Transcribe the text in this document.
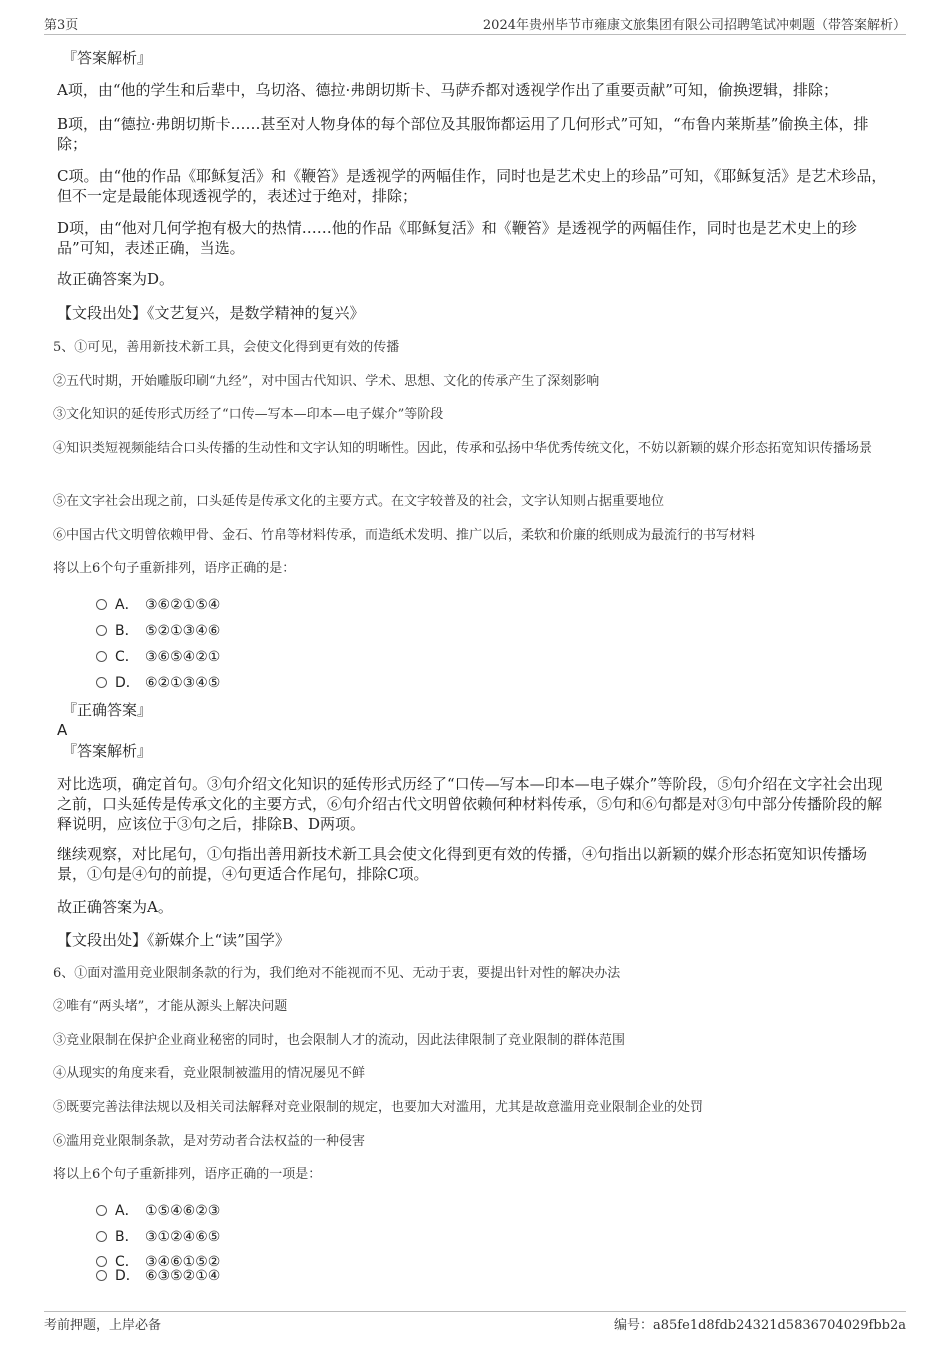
第3页	2024年贵州毕节市雍康文旅集团有限公司招聘笔试冲刺题（带答案解析）
『答案解析』
A项，由“他的学生和后辈中，乌切洛、德拉·弗朗切斯卡、马萨乔都对透视学作出了重要贡献”可知，偷换逻辑，排除；
B项，由“德拉·弗朗切斯卡……甚至对人物身体的每个部位及其服饰都运用了几何形式”可知，“布鲁内莱斯基”偷换主体，排除；
C项。由“他的作品《耶稣复活》和《鞭笞》是透视学的两幅佳作，同时也是艺术史上的珍品”可知，《耶稣复活》是艺术珍品，但不一定是最能体现透视学的，表述过于绝对，排除；
D项，由“他对几何学抱有极大的热情……他的作品《耶稣复活》和《鞭笞》是透视学的两幅佳作，同时也是艺术史上的珍品”可知，表述正确，当选。
故正确答案为D。
【文段出处】《文艺复兴，是数学精神的复兴》
5、①可见，善用新技术新工具，会使文化得到更有效的传播
②五代时期，开始雕版印刷“九经”，对中国古代知识、学术、思想、文化的传承产生了深刻影响
③文化知识的延传形式历经了“口传—写本—印本—电子媒介”等阶段
④知识类短视频能结合口头传播的生动性和文字认知的明晰性。因此，传承和弘扬中华优秀传统文化，不妨以新颖的媒介形态拓宽知识传播场景
⑤在文字社会出现之前，口头延传是传承文化的主要方式。在文字较普及的社会，文字认知则占据重要地位
⑥中国古代文明曾依赖甲骨、金石、竹帛等材料传承，而造纸术发明、推广以后，柔软和价廉的纸则成为最流行的书写材料
将以上6个句子重新排列，语序正确的是：
A． ③⑥②①⑤④
B． ⑤②①③④⑥
C． ③⑥⑤④②①
D． ⑥②①③④⑤
『正确答案』
A
『答案解析』
对比选项，确定首句。③句介绍文化知识的延传形式历经了“口传—写本—印本—电子媒介”等阶段，⑤句介绍在文字社会出现之前，口头延传是传承文化的主要方式，⑥句介绍古代文明曾依赖何种材料传承，⑤句和⑥句都是对③句中部分传播阶段的解释说明，应该位于③句之后，排除B、D两项。
继续观察，对比尾句，①句指出善用新技术新工具会使文化得到更有效的传播，④句指出以新颖的媒介形态拓宽知识传播场景，①句是④句的前提，④句更适合作尾句，排除C项。
故正确答案为A。
【文段出处】《新媒介上“读”国学》
6、①面对滥用竞业限制条款的行为，我们绝对不能视而不见、无动于衷，要提出针对性的解决办法
②唯有“两头堵”，才能从源头上解决问题
③竞业限制在保护企业商业秘密的同时，也会限制人才的流动，因此法律限制了竞业限制的群体范围
④从现实的角度来看，竞业限制被滥用的情况屡见不鲜
⑤既要完善法律法规以及相关司法解释对竞业限制的规定，也要加大对滥用，尤其是故意滥用竞业限制企业的处罚
⑥滥用竞业限制条款，是对劳动者合法权益的一种侵害
将以上6个句子重新排列，语序正确的一项是：
A． ①⑤④⑥②③
B． ③①②④⑥⑤
C． ③④⑥①⑤②
D． ⑥③⑤②①④
考前押题，上岸必备	编号：a85fe1d8fdb24321d5836704029fbb2a
